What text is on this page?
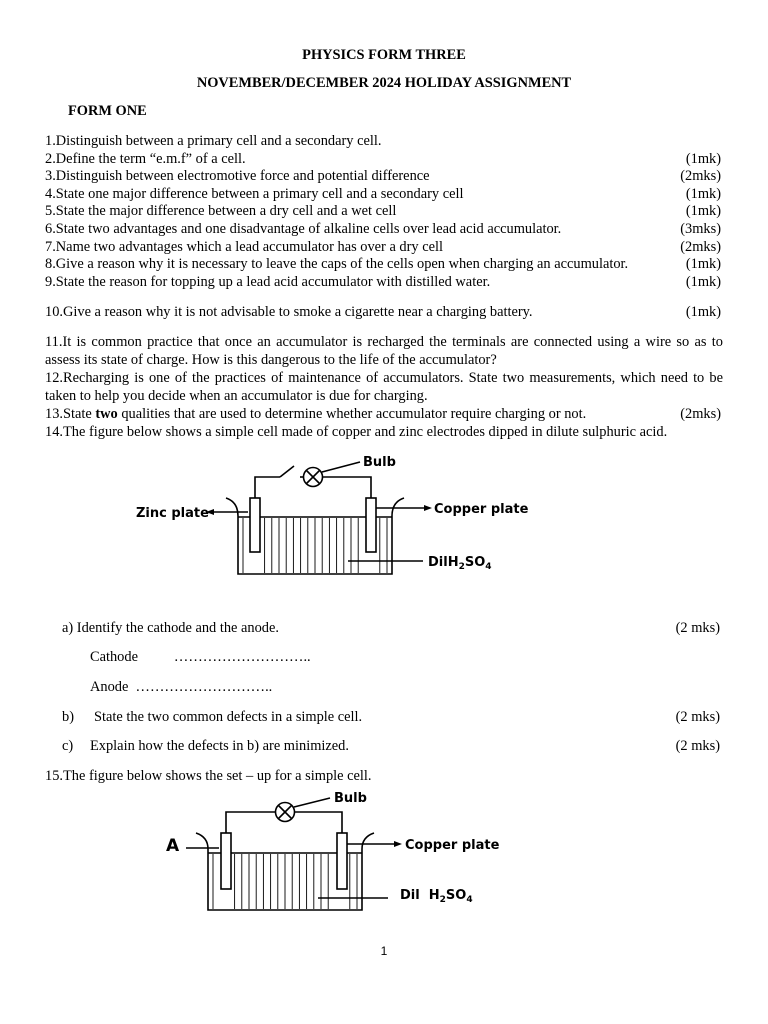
PHYSICS FORM THREE
NOVEMBER/DECEMBER 2024 HOLIDAY ASSIGNMENT
FORM ONE
1.Distinguish between a primary cell and a secondary cell.
2.Define the term “e.m.f” of a cell.	(1mk)
3.Distinguish between electromotive force and potential difference	(2mks)
4.State one major difference between a primary cell and a secondary cell	(1mk)
5.State the major difference between a dry cell and a wet cell	(1mk)
6.State two advantages and one disadvantage of alkaline cells over lead acid accumulator.	(3mks)
7.Name two advantages which a lead accumulator has over a dry cell	(2mks)
8.Give a reason why it is necessary to leave the caps of the cells open when charging an accumulator.	(1mk)
9.State the reason for topping up a lead acid accumulator with distilled water.	(1mk)
10.Give a reason why it is not advisable to smoke a cigarette near a charging battery.	(1mk)
11.It is common practice that once an accumulator is recharged the terminals are connected using a wire so as to assess its state of charge. How is this dangerous to the life of the accumulator?
12.Recharging is one of the practices of maintenance of accumulators. State two measurements, which need to be taken to help you decide when an accumulator is due for charging.
13.State two qualities that are used to determine whether accumulator require charging or not.	(2mks)
14.The figure below shows a simple cell made of copper and zinc electrodes dipped in dilute sulphuric acid.
Bulb
Zinc plate	Copper plate
$DilH_2SO_4$
a) Identify the cathode and the anode.	(2 mks)
Cathode          ………………………..
Anode  ………………………..
b) State the two common defects in a simple cell.	(2 mks)
c) Explain how the defects in b) are minimized.	(2 mks)
15.The figure below shows the set – up for a simple cell.
Bulb
A	Copper plate
Dil  $H_2SO_4$
1
